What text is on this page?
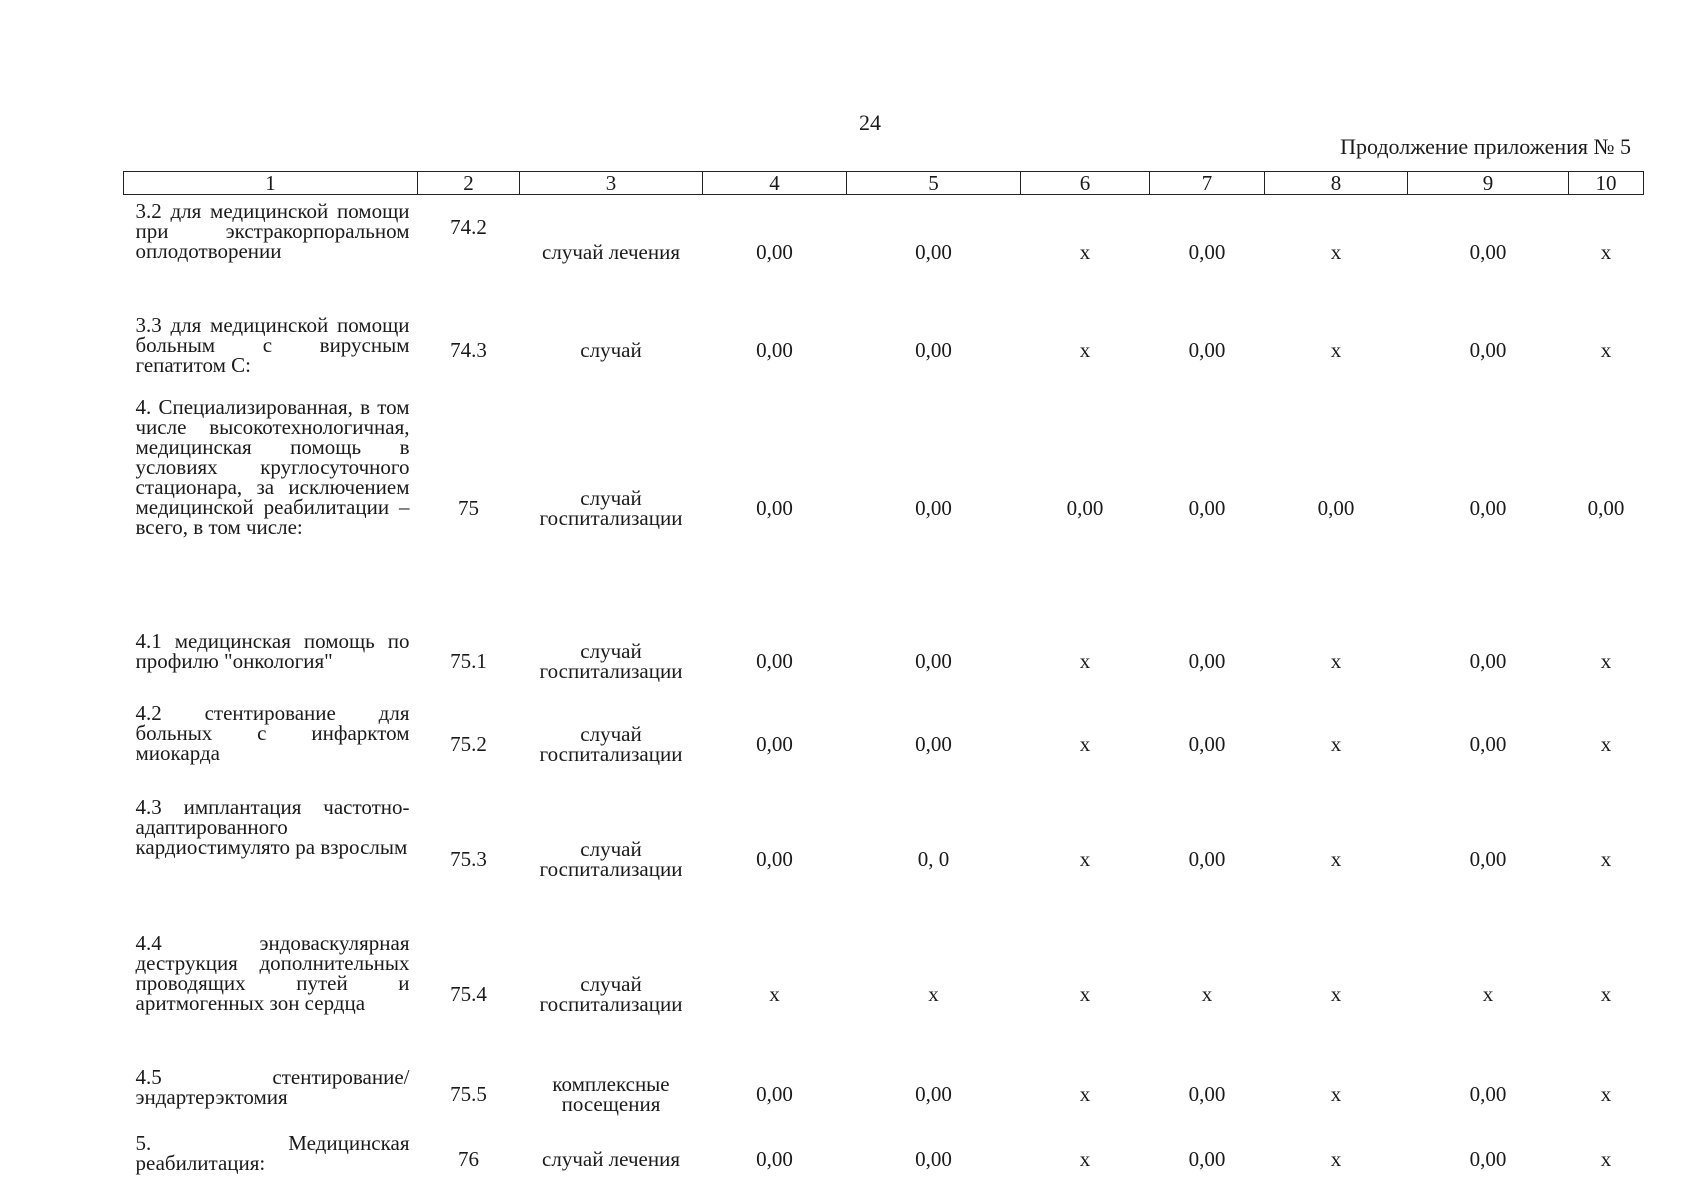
24
Продолжение приложения № 5
1	2	3	4	5	6	7	8	9	10
3.2 для медицинской помощи при экстракорпоральном оплодотворении	74.2	случай лечения	0,00	0,00	х	0,00	х	0,00	х
3.3 для медицинской помощи больным с вирусным гепатитом С:	74.3	случай	0,00	0,00	х	0,00	х	0,00	х
4. Специализированная, в том числе высокотехнологичная, медицинская помощь в условиях круглосуточного стационара, за исключением медицинской реабилитации – всего, в том числе:	75	случай госпитализации	0,00	0,00	0,00	0,00	0,00	0,00	0,00
4.1 медицинская помощь по профилю "онкология"	75.1	случай госпитализации	0,00	0,00	х	0,00	х	0,00	х
4.2 стентирование для больных с инфарктом миокарда	75.2	случай госпитализации	0,00	0,00	х	0,00	х	0,00	х
4.3 имплантация частотно-адаптированного кардиостимулято ра взрослым	75.3	случай госпитализации	0,00	0, 0	х	0,00	х	0,00	х
4.4 эндоваскулярная деструкция дополнительных проводящих путей и аритмогенных зон сердца	75.4	случай госпитализации	х	х	х	х	х	х	х
4.5 стентирование/ эндартерэктомия	75.5	комплексные посещения	0,00	0,00	х	0,00	х	0,00	х
5. Медицинская реабилитация:	76	случай лечения	0,00	0,00	х	0,00	х	0,00	х
